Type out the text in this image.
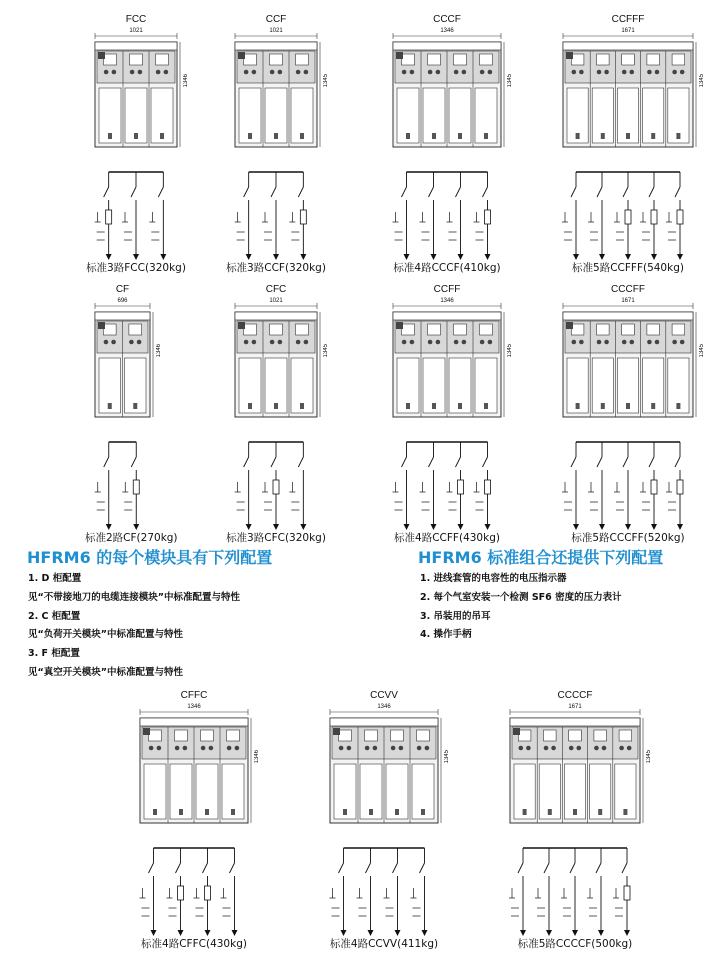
FCC
1021
1346
标准3路FCC(320kg)
CCF
1021
1345
标准3路CCF(320kg)
CCCF
1346
1345
标准4路CCCF(410kg)
CCFFF
1671
1345
标准5路CCFFF(540kg)
CF
696
1346
标准2路CF(270kg)
CFC
1021
1345
标准3路CFC(320kg)
CCFF
1346
1345
标准4路CCFF(430kg)
CCCFF
1671
1345
标准5路CCCFF(520kg)
CFFC
1346
1346
标准4路CFFC(430kg)
CCVV
1346
1345
标准4路CCVV(411kg)
CCCCF
1671
1345
标准5路CCCCF(500kg)
HFRM6 的每个模块具有下列配置
1. D 柜配置
见“不带接地刀的电缆连接模块”中标准配置与特性
2. C 柜配置
见“负荷开关模块”中标准配置与特性
3. F 柜配置
见“真空开关模块”中标准配置与特性
HFRM6 标准组合还提供下列配置
1. 进线套管的电容性的电压指示器
2. 每个气室安装一个检测 SF6 密度的压力表计
3. 吊装用的吊耳
4. 操作手柄
